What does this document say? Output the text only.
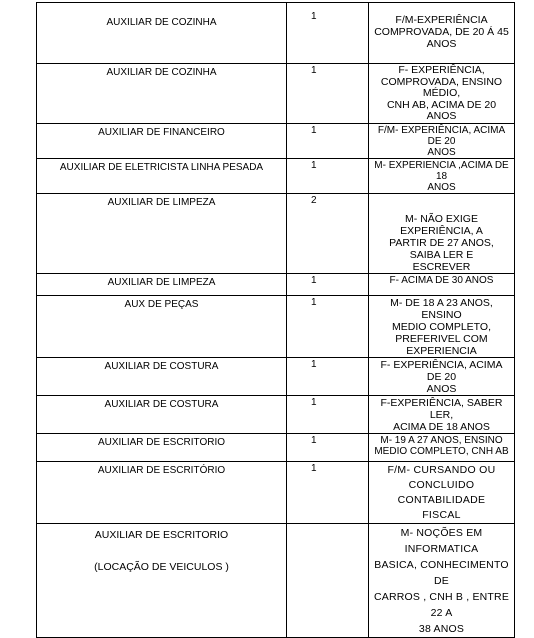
AUXILIAR DE COZINHA	1	F/M-EXPERIÊNCIA
COMPROVADA, DE 20 Á 45
ANOS

AUXILIAR DE COZINHA	1	F- EXPERIÊNCIA,
COMPROVADA, ENSINO MÉDIO,
CNH AB, ACIMA DE 20 ANOS

AUXILIAR DE FINANCEIRO	1	F/M- EXPERIÊNCIA, ACIMA DE 20
ANOS

AUXILIAR DE ELETRICISTA LINHA PESADA	1	M- EXPERIENCIA ,ACIMA DE 18
ANOS

AUXILIAR DE LIMPEZA	2	M- NÃO EXIGE EXPERIÊNCIA, A
PARTIR DE 27 ANOS, SAIBA LER E
ESCREVER

AUXILIAR DE LIMPEZA	1	F- ACIMA DE 30 ANOS

AUX DE PEÇAS	1	M- DE 18 A 23 ANOS, ENSINO
MEDIO COMPLETO,
PREFERIVEL COM
EXPERIENCIA

AUXILIAR DE COSTURA	1	F- EXPERIÊNCIA, ACIMA DE 20
ANOS

AUXILIAR DE COSTURA	1	F-EXPERIÊNCIA, SABER LER,
ACIMA DE 18 ANOS

AUXILIAR DE ESCRITORIO	1	M- 19 A 27 ANOS, ENSINO
MEDIO COMPLETO, CNH AB

AUXILIAR DE ESCRITÓRIO	1	F/M- CURSANDO OU
CONCLUIDO CONTABILIDADE
FISCAL

AUXILIAR DE ESCRITORIO

(LOCAÇÃO DE VEICULOS )		M- NOÇÕES EM INFORMATICA
BASICA, CONHECIMENTO DE
CARROS , CNH B , ENTRE 22 A
38 ANOS
